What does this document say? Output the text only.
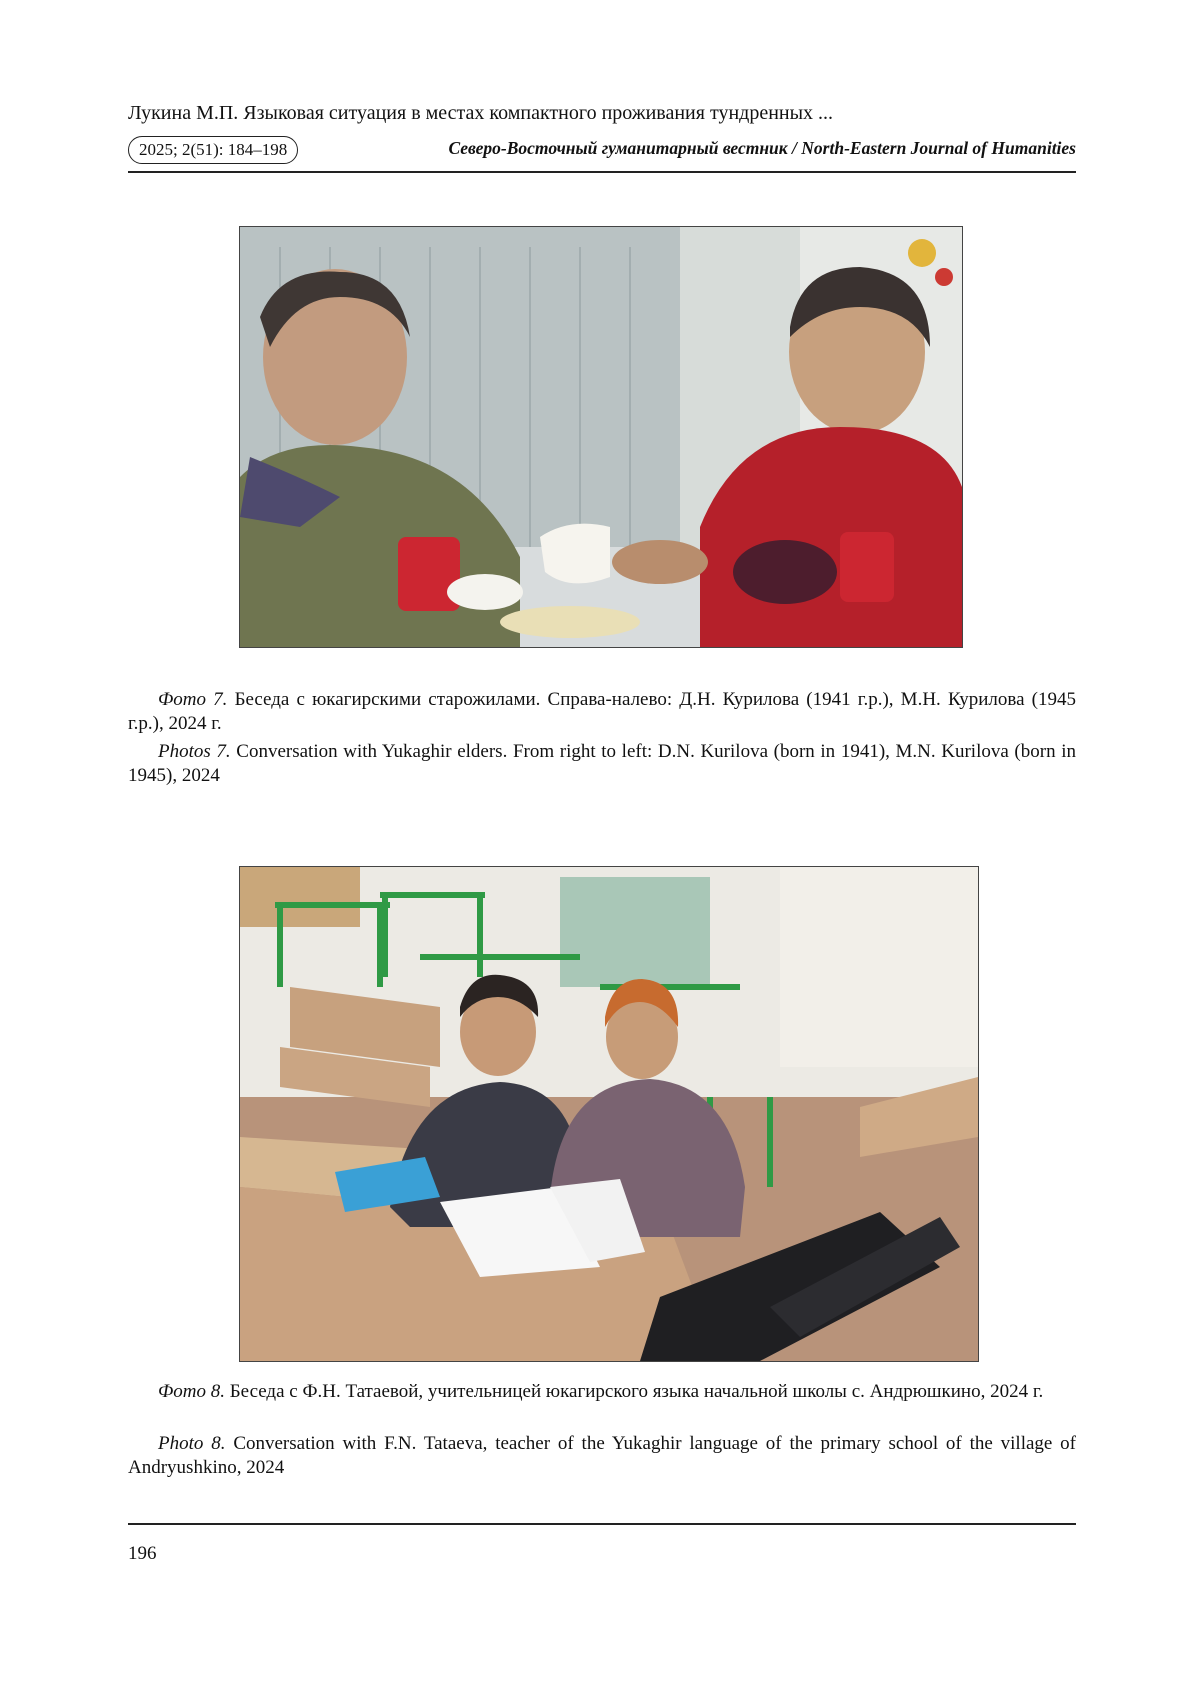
Лукина М.П. Языковая ситуация в местах компактного проживания тундренных ...
2025; 2(51): 184–198	Северо-Восточный гуманитарный вестник / North-Eastern Journal of Humanities
Фото 7. Беседа с юкагирскими старожилами. Справа-налево: Д.Н. Курилова (1941 г.р.), М.Н. Курилова (1945 г.р.), 2024 г.
Photos 7. Conversation with Yukaghir elders. From right to left: D.N. Kurilova (born in 1941), M.N. Kurilova (born in 1945), 2024
Фото 8. Беседа с Ф.Н. Татаевой, учительницей юкагирского языка начальной школы с. Андрюшкино, 2024 г.
Photo 8. Conversation with F.N. Tataeva, teacher of the Yukaghir language of the primary school of the village of Andryushkino, 2024
196
